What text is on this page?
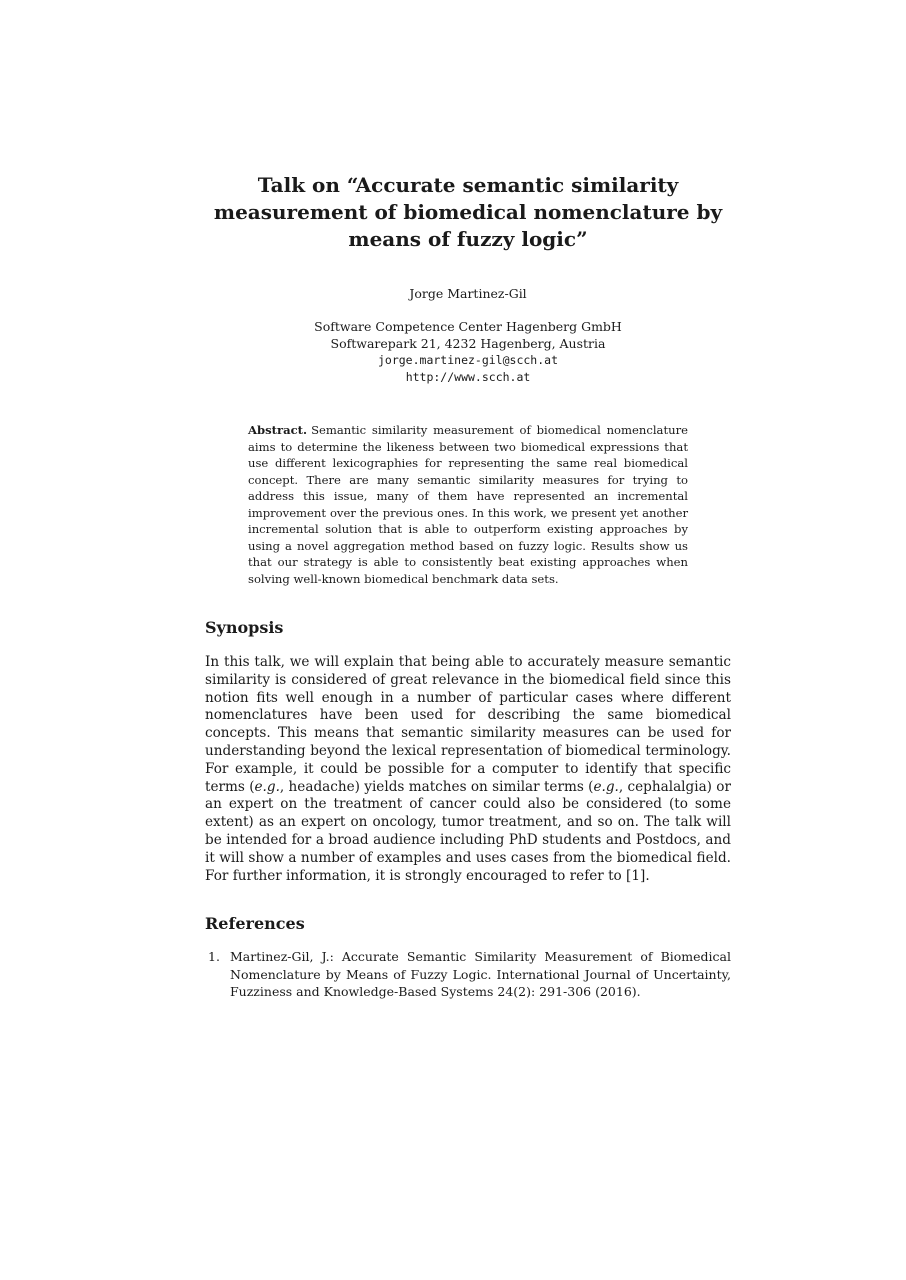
Talk on “Accurate semantic similarity measurement of biomedical nomenclature by means of fuzzy logic”
Jorge Martinez-Gil
Software Competence Center Hagenberg GmbH
Softwarepark 21, 4232 Hagenberg, Austria
jorge.martinez-gil@scch.at
http://www.scch.at

Abstract. Semantic similarity measurement of biomedical nomenclature aims to determine the likeness between two biomedical expressions that use different lexicographies for representing the same real biomedical concept. There are many semantic similarity measures for trying to address this issue, many of them have represented an incremental improvement over the previous ones. In this work, we present yet another incremental solution that is able to outperform existing approaches by using a novel aggregation method based on fuzzy logic. Results show us that our strategy is able to consistently beat existing approaches when solving well-known biomedical benchmark data sets.

Synopsis

In this talk, we will explain that being able to accurately measure semantic similarity is considered of great relevance in the biomedical field since this notion fits well enough in a number of particular cases where different nomenclatures have been used for describing the same biomedical concepts. This means that semantic similarity measures can be used for understanding beyond the lexical representation of biomedical terminology. For example, it could be possible for a computer to identify that specific terms (e.g., headache) yields matches on similar terms (e.g., cephalalgia) or an expert on the treatment of cancer could also be considered (to some extent) as an expert on oncology, tumor treatment, and so on. The talk will be intended for a broad audience including PhD students and Postdocs, and it will show a number of examples and uses cases from the biomedical field. For further information, it is strongly encouraged to refer to [1].

References
1. Martinez-Gil, J.: Accurate Semantic Similarity Measurement of Biomedical Nomenclature by Means of Fuzzy Logic. International Journal of Uncertainty, Fuzziness and Knowledge-Based Systems 24(2): 291-306 (2016).
